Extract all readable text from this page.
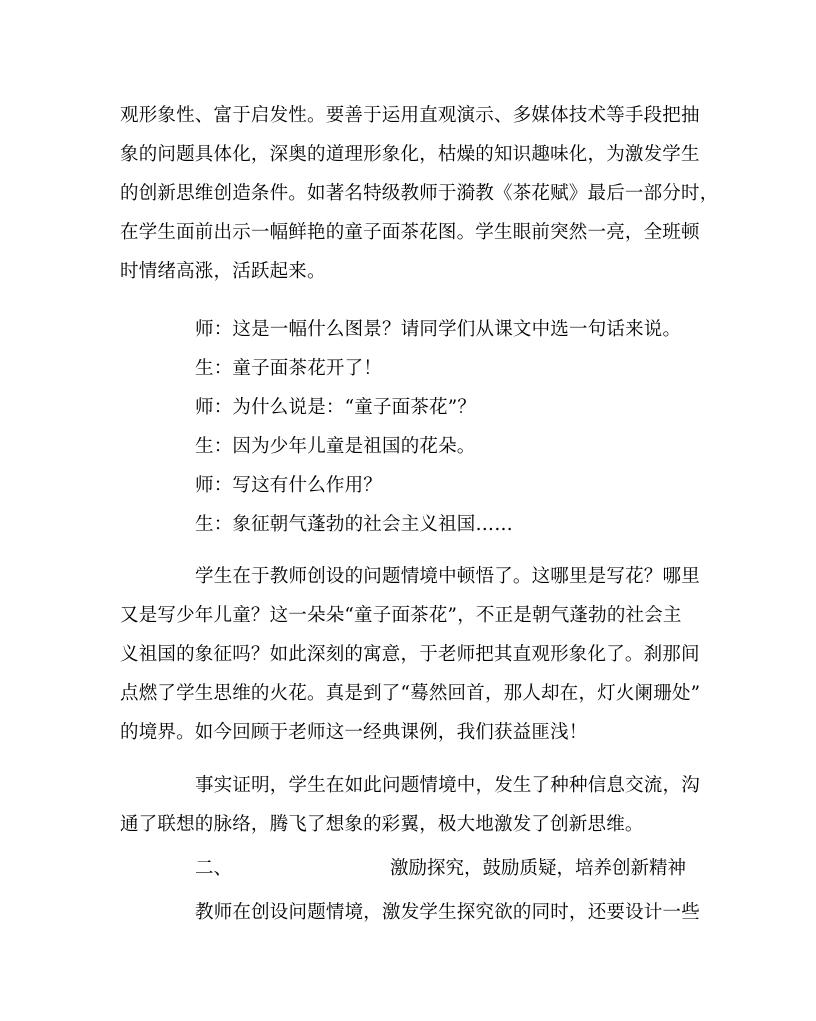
观形象性、富于启发性。要善于运用直观演示、多媒体技术等手段把抽
象的问题具体化，深奥的道理形象化，枯燥的知识趣味化，为激发学生
的创新思维创造条件。如著名特级教师于漪教《茶花赋》最后一部分时，
在学生面前出示一幅鲜艳的童子面茶花图。学生眼前突然一亮，全班顿
时情绪高涨，活跃起来。
师：这是一幅什么图景？请同学们从课文中选一句话来说。
生：童子面茶花开了！
师：为什么说是：“童子面茶花”？
生：因为少年儿童是祖国的花朵。
师：写这有什么作用？
生：象征朝气蓬勃的社会主义祖国……
学生在于教师创设的问题情境中顿悟了。这哪里是写花？哪里
又是写少年儿童？这一朵朵“童子面茶花”，不正是朝气蓬勃的社会主
义祖国的象征吗？如此深刻的寓意，于老师把其直观形象化了。刹那间
点燃了学生思维的火花。真是到了“蓦然回首，那人却在，灯火阑珊处”
的境界。如今回顾于老师这一经典课例，我们获益匪浅！
事实证明，学生在如此问题情境中，发生了种种信息交流，沟
通了联想的脉络，腾飞了想象的彩翼，极大地激发了创新思维。
二、	激励探究，鼓励质疑，培养创新精神
教师在创设问题情境，激发学生探究欲的同时，还要设计一些
